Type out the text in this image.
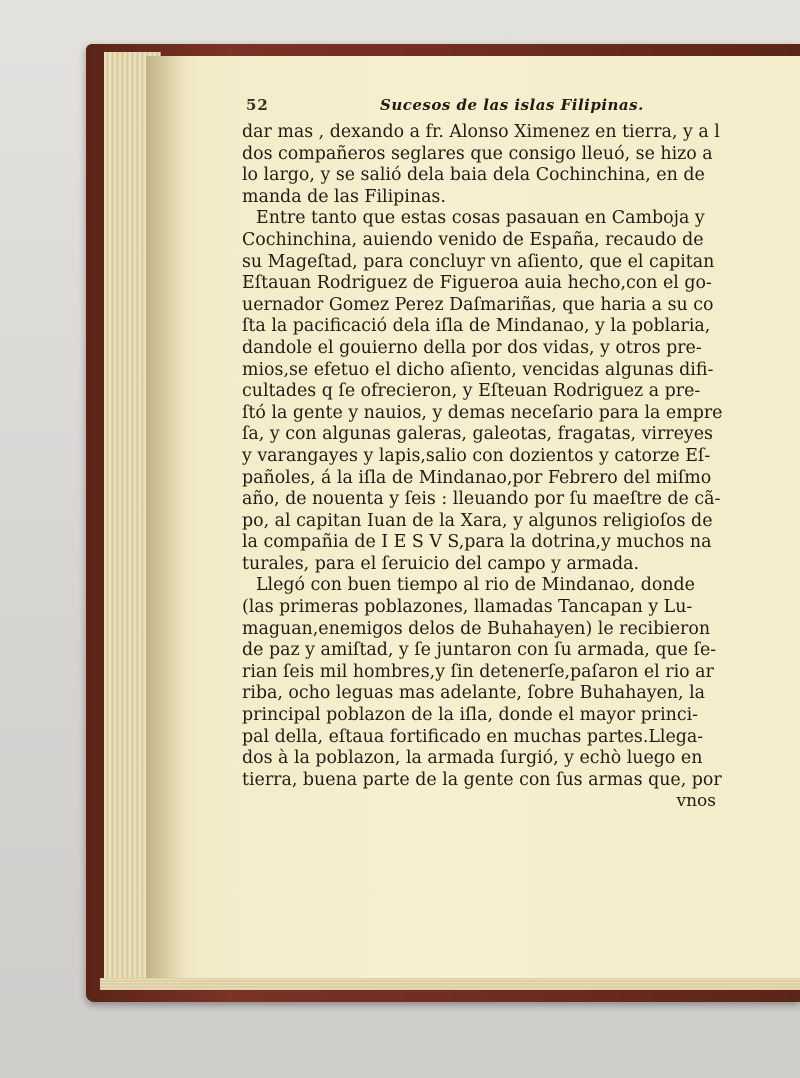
52	Sucesos de las islas Filipinas.
dar mas , dexando a fr. Alonso Ximenez en tierra, y a l
dos compañeros seglares que consigo lleuó, se hizo a
lo largo, y se salió dela baia dela Cochinchina, en de
manda de las Filipinas.
Entre tanto que estas cosas pasauan en Camboja y
Cochinchina, auiendo venido de España, recaudo de
su Mageſtad, para concluyr vn aſiento, que el capitan
Eſtauan Rodriguez de Figueroa auia hecho,con el go-
uernador Gomez Perez Daſmariñas, que haria a su co
ſta la pacificació dela iſla de Mindanao, y la poblaria,
dandole el gouierno della por dos vidas, y otros pre-
mios,se efetuo el dicho aſiento, vencidas algunas difi-
cultades q ſe ofrecieron, y Eſteuan Rodriguez a pre-
ſtó la gente y nauios, y demas neceſario para la empre
ſa, y con algunas galeras, galeotas, fragatas, virreyes
y varangayes y lapis,salio con dozientos y catorze Eſ-
pañoles, á la iſla de Mindanao,por Febrero del miſmo
año, de nouenta y ſeis : lleuando por ſu maeſtre de cã-
po, al capitan Iuan de la Xara, y algunos religioſos de
la compañia de I E S V S,para la dotrina,y muchos na
turales, para el ſeruicio del campo y armada.
Llegó con buen tiempo al rio de Mindanao, donde
(las primeras poblazones, llamadas Tancapan y Lu-
maguan,enemigos delos de Buhahayen) le recibieron
de paz y amiſtad, y ſe juntaron con ſu armada, que ſe-
rian ſeis mil hombres,y ſin detenerſe,paſaron el rio ar
riba, ocho leguas mas adelante, ſobre Buhahayen, la
principal poblazon de la iſla, donde el mayor princi-
pal della, eſtaua fortificado en muchas partes.Llega-
dos à la poblazon, la armada ſurgió, y echò luego en
tierra, buena parte de la gente con ſus armas que, por
vnos
